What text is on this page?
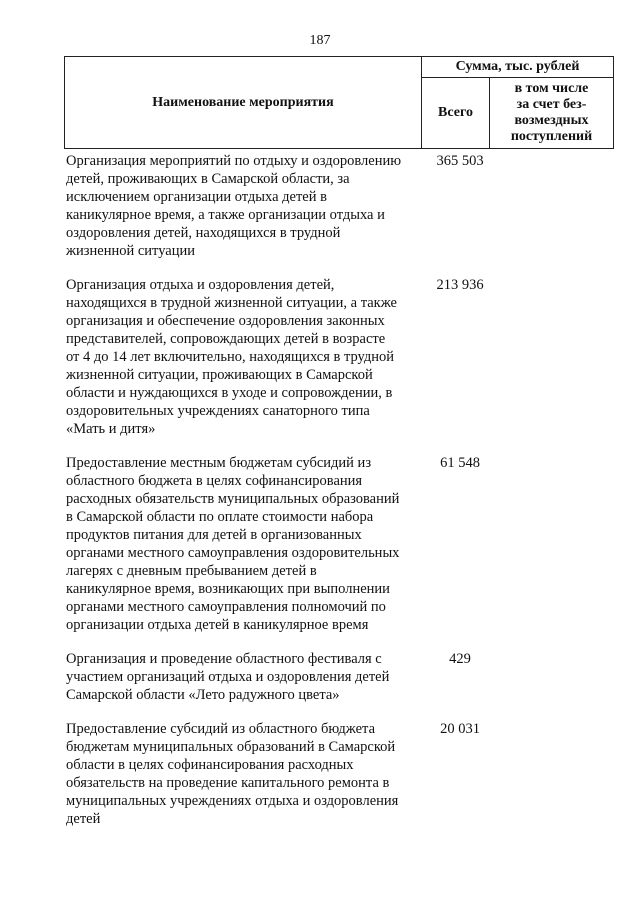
187
Наименование мероприятия	Сумма, тыс. рублей	
	Всего	в том числе
за счет без-
возмездных
поступлений
Организация мероприятий по отдыху и оздоровлению
детей, проживающих в Самарской области, за
исключением организации отдыха детей в
каникулярное время, а также организации отдыха и
оздоровления детей, находящихся в трудной
жизненной ситуации
365 503
Организация отдыха и оздоровления детей,
находящихся в трудной жизненной ситуации, а также
организация и обеспечение оздоровления законных
представителей, сопровождающих детей в возрасте
от 4 до 14 лет включительно, находящихся в трудной
жизненной ситуации, проживающих в Самарской
области и нуждающихся в уходе и сопровождении, в
оздоровительных учреждениях санаторного типа
«Мать и дитя»
213 936
Предоставление местным бюджетам субсидий из
областного бюджета в целях софинансирования
расходных обязательств муниципальных образований
в Самарской области по оплате стоимости набора
продуктов питания для детей в организованных
органами местного самоуправления оздоровительных
лагерях с дневным пребыванием детей в
каникулярное время, возникающих при выполнении
органами местного самоуправления полномочий по
организации отдыха детей в каникулярное время
61 548
Организация и проведение областного фестиваля с
участием организаций отдыха и оздоровления детей
Самарской области «Лето радужного цвета»
429
Предоставление субсидий из областного бюджета
бюджетам муниципальных образований в Самарской
области в целях софинансирования расходных
обязательств на проведение капитального ремонта в
муниципальных учреждениях отдыха и оздоровления
детей
20 031
